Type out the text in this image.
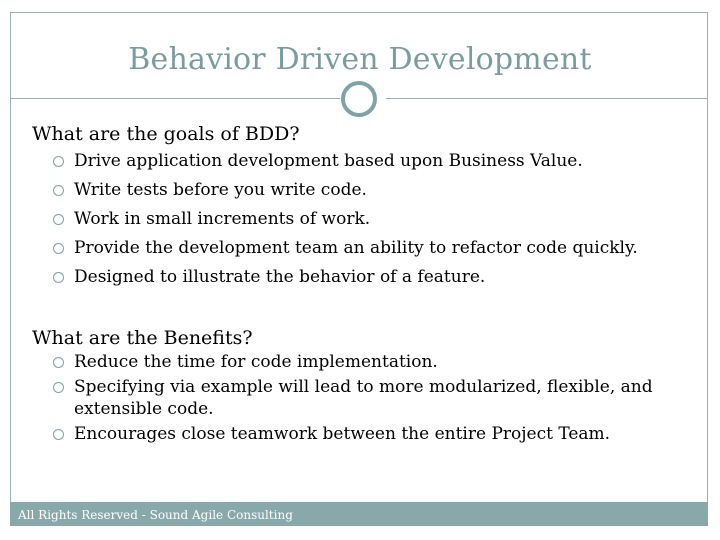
Behavior Driven Development

What are the goals of BDD?

Drive application development based upon Business Value.
Write tests before you write code.
Work in small increments of work.
Provide the development team an ability to refactor code quickly.
Designed to illustrate the behavior of a feature.

What are the Benefits?

Reduce the time for code implementation.
Specifying via example will lead to more modularized, flexible, and extensible code.
Encourages close teamwork between the entire Project Team.
All Rights Reserved - Sound Agile Consulting
